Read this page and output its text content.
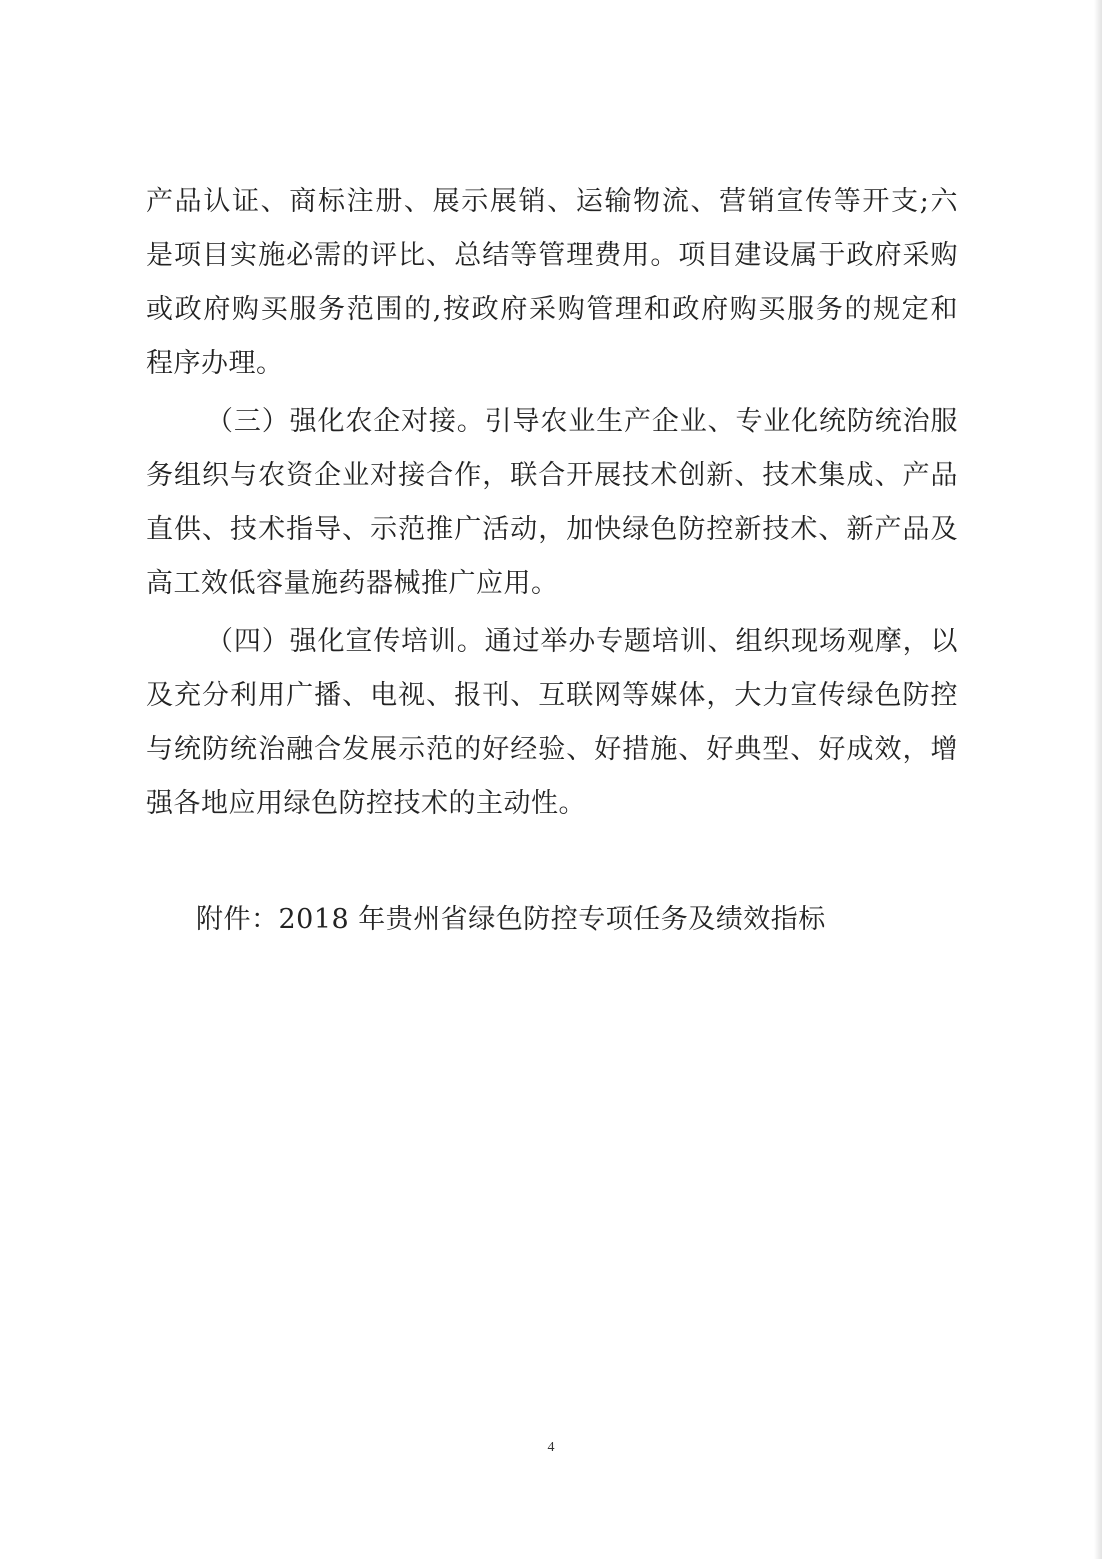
产品认证、商标注册、展示展销、运输物流、营销宣传等开支;六
是项目实施必需的评比、总结等管理费用。项目建设属于政府采购
或政府购买服务范围的,按政府采购管理和政府购买服务的规定和
程序办理。
（三）强化农企对接。引导农业生产企业、专业化统防统治服
务组织与农资企业对接合作，联合开展技术创新、技术集成、产品
直供、技术指导、示范推广活动，加快绿色防控新技术、新产品及
高工效低容量施药器械推广应用。
（四）强化宣传培训。通过举办专题培训、组织现场观摩，以
及充分利用广播、电视、报刊、互联网等媒体，大力宣传绿色防控
与统防统治融合发展示范的好经验、好措施、好典型、好成效，增
强各地应用绿色防控技术的主动性。
附件：2018 年贵州省绿色防控专项任务及绩效指标
4
